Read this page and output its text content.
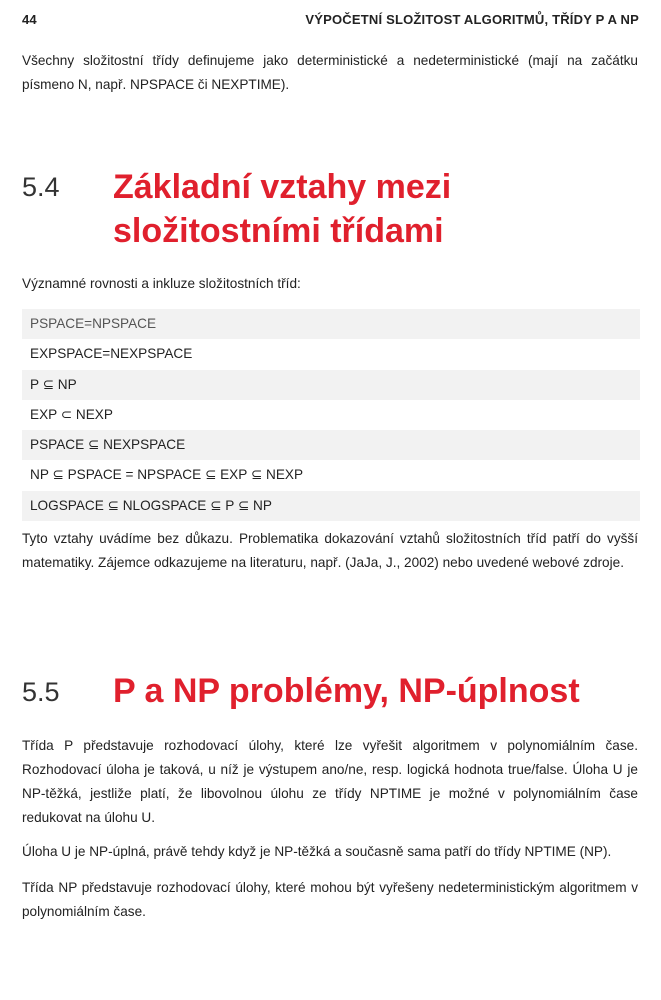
44	VÝPOČETNÍ SLOŽITOST ALGORITMŮ, TŘÍDY P A NP

Všechny složitostní třídy definujeme jako deterministické a nedeterministické (mají na začátku písmeno N, např. NPSPACE či NEXPTIME).

5.4 Základní vztahy mezi složitostními třídami

Významné rovnosti a inkluze složitostních tříd:

PSPACE=NPSPACE
EXPSPACE=NEXPSPACE
P ⊆ NP
EXP ⊂ NEXP
PSPACE ⊆ NEXPSPACE
NP ⊆ PSPACE = NPSPACE ⊆ EXP ⊆ NEXP
LOGSPACE ⊆ NLOGSPACE ⊆ P ⊆ NP

Tyto vztahy uvádíme bez důkazu. Problematika dokazování vztahů složitostních tříd patří do vyšší matematiky. Zájemce odkazujeme na literaturu, např. (JaJa, J., 2002) nebo uvedené webové zdroje.

5.5 P a NP problémy, NP-úplnost

Třída P představuje rozhodovací úlohy, které lze vyřešit algoritmem v polynomiálním čase. Rozhodovací úloha je taková, u níž je výstupem ano/ne, resp. logická hodnota true/false. Úloha U je NP-těžká, jestliže platí, že libovolnou úlohu ze třídy NPTIME je možné v polynomiálním čase redukovat na úlohu U.

Úloha U je NP-úplná, právě tehdy když je NP-těžká a současně sama patří do třídy NPTIME (NP).

Třída NP představuje rozhodovací úlohy, které mohou být vyřešeny nedeterministickým algoritmem v polynomiálním čase.
